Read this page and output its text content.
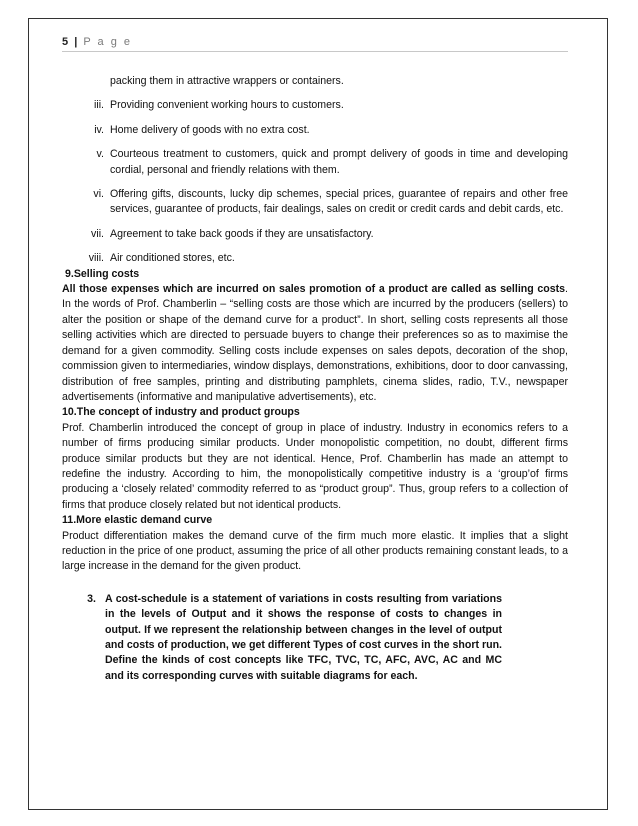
5 | P a g e
packing them in attractive wrappers or containers.
iii. Providing convenient working hours to customers.
iv. Home delivery of goods with no extra cost.
v. Courteous treatment to customers, quick and prompt delivery of goods in time and developing cordial, personal and friendly relations with them.
vi. Offering gifts, discounts, lucky dip schemes, special prices, guarantee of repairs and other free services, guarantee of products, fair dealings, sales on credit or credit cards and debit cards, etc.
vii. Agreement to take back goods if they are unsatisfactory.
viii. Air conditioned stores, etc.
9.Selling costs
All those expenses which are incurred on sales promotion of a product are called as selling costs. In the words of Prof. Chamberlin – “selling costs are those which are incurred by the producers (sellers) to alter the position or shape of the demand curve for a product”. In short, selling costs represents all those selling activities which are directed to persuade buyers to change their preferences so as to maximise the demand for a given commodity. Selling costs include expenses on sales depots, decoration of the shop, commission given to intermediaries, window displays, demonstrations, exhibitions, door to door canvassing, distribution of free samples, printing and distributing pamphlets, cinema slides, radio, T.V., newspaper advertisements (informative and manipulative advertisements), etc.
10.The concept of industry and product groups
Prof. Chamberlin introduced the concept of group in place of industry. Industry in economics refers to a number of firms producing similar products. Under monopolistic competition, no doubt, different firms produce similar products but they are not identical. Hence, Prof. Chamberlin has made an attempt to redefine the industry. According to him, the monopolistically competitive industry is a ‘group’of firms producing a ‘closely related’ commodity referred to as “product group”. Thus, group refers to a collection of firms that produce closely related but not identical products.
11.More elastic demand curve
Product differentiation makes the demand curve of the firm much more elastic. It implies that a slight reduction in the price of one product, assuming the price of all other products remaining constant leads, to a large increase in the demand for the given product.
3. A cost-schedule is a statement of variations in costs resulting from variations in the levels of Output and it shows the response of costs to changes in output. If we represent the relationship between changes in the level of output and costs of production, we get different Types of cost curves in the short run. Define the kinds of cost concepts like TFC, TVC, TC, AFC, AVC, AC and MC and its corresponding curves with suitable diagrams for each.
